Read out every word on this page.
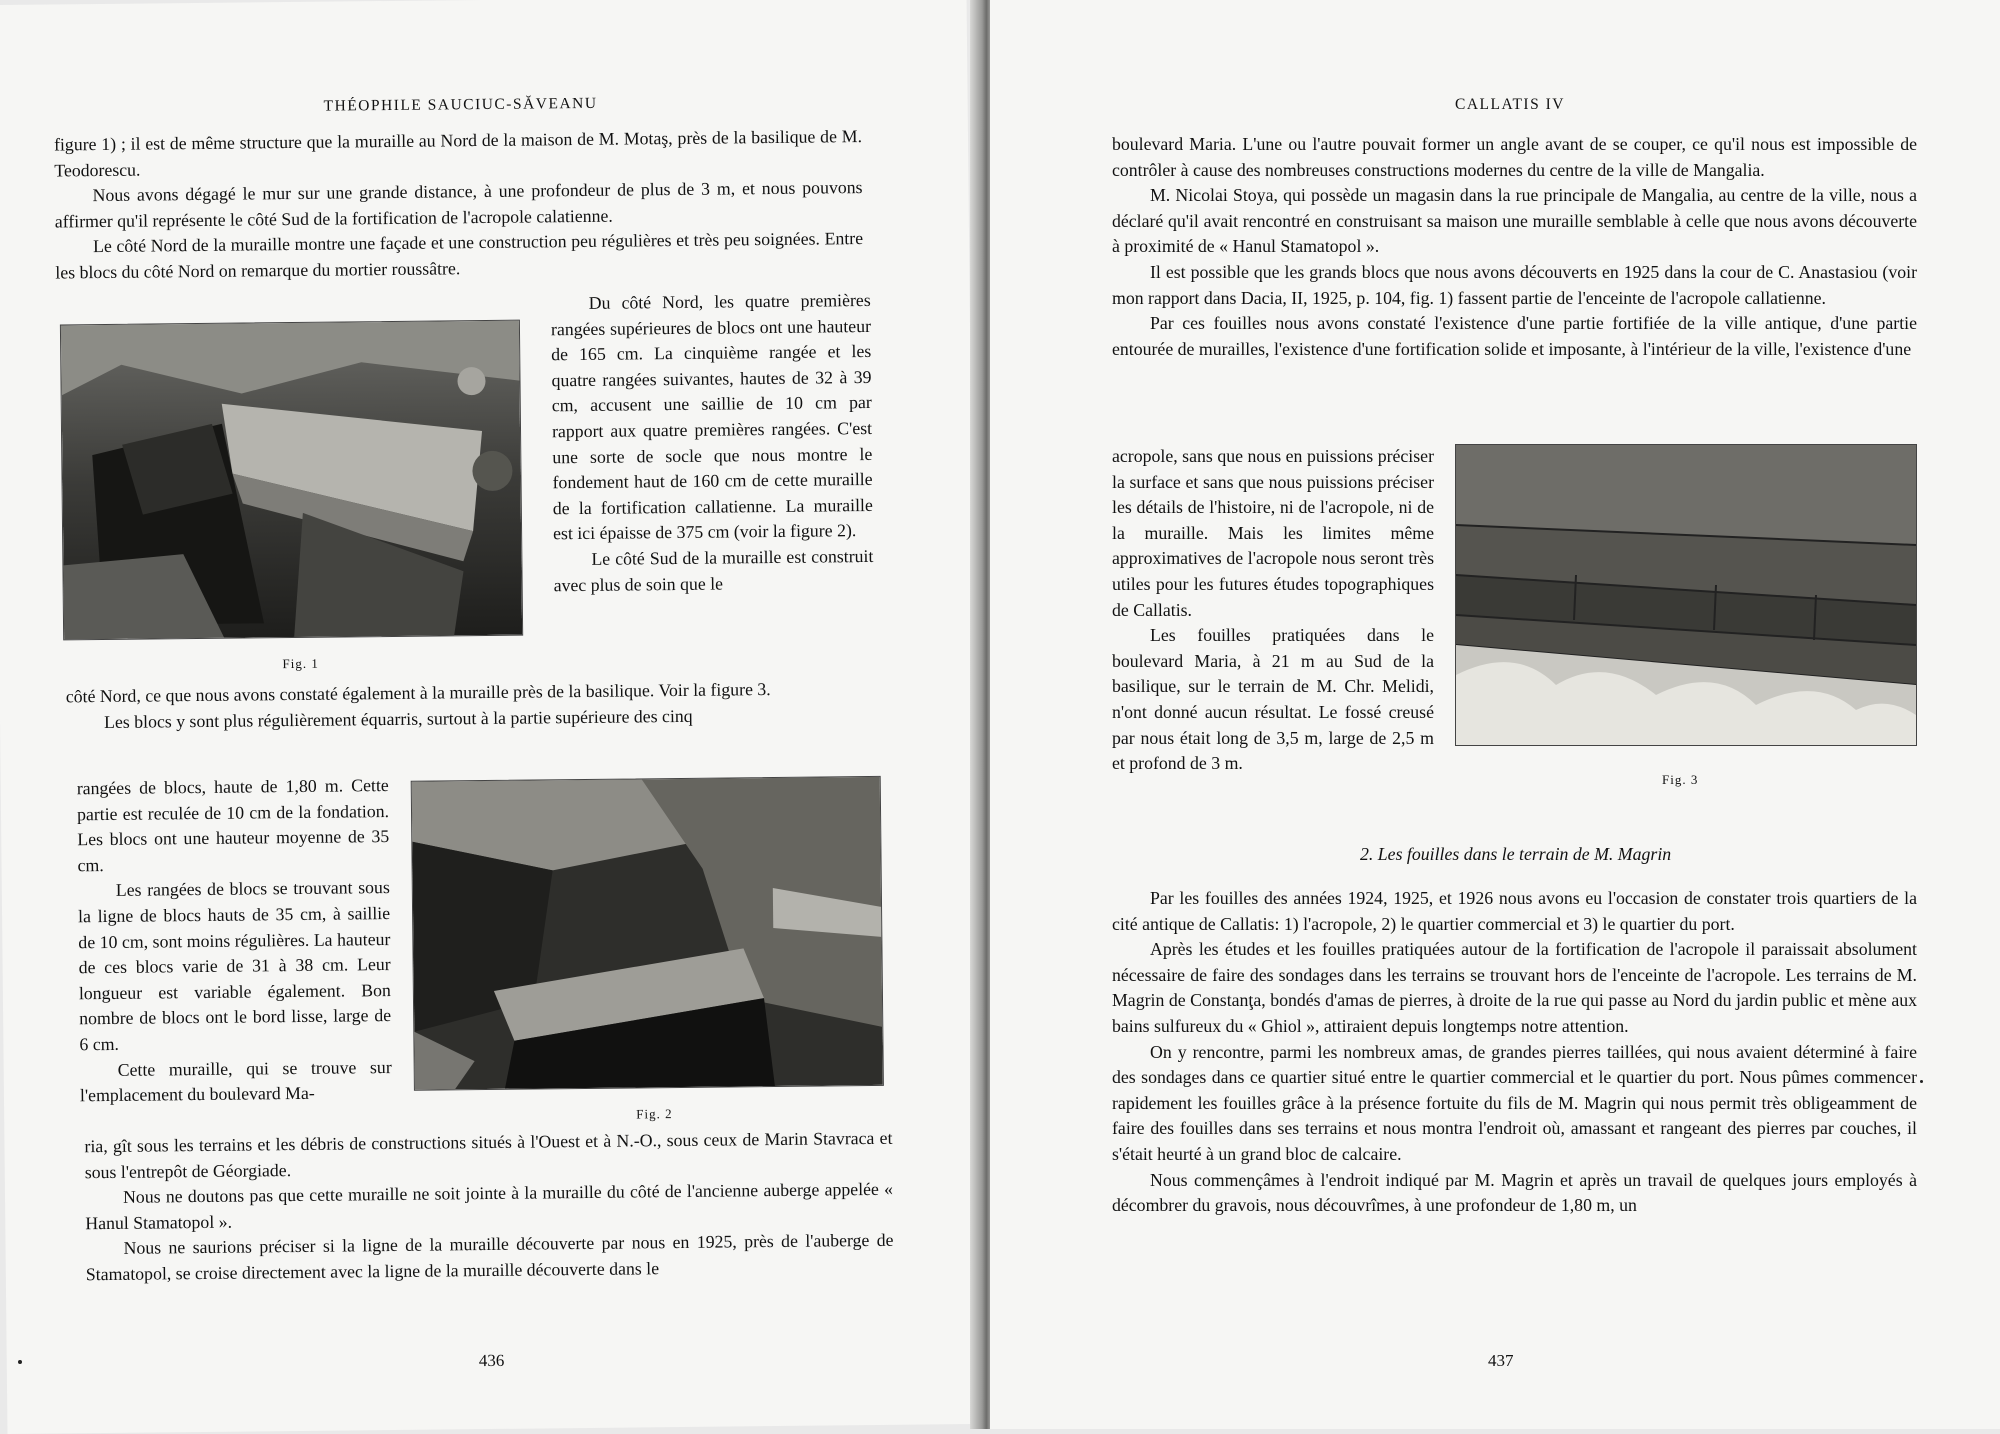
THÉOPHILE SAUCIUC-SĂVEANU

figure 1) ; il est de même structure que la muraille au Nord de la maison de M. Motaş, près de la basilique de M. Teodorescu.

Nous avons dégagé le mur sur une grande distance, à une profondeur de plus de 3 m, et nous pouvons affirmer qu'il représente le côté Sud de la fortification de l'acropole calatienne.

Le côté Nord de la muraille montre une façade et une construction peu régulières et très peu soignées. Entre les blocs du côté Nord on remarque du mortier roussâtre.

Fig. 1

Du côté Nord, les quatre premières rangées supérieures de blocs ont une hauteur de 165 cm. La cinquième rangée et les quatre rangées suivantes, hautes de 32 à 39 cm, accusent une saillie de 10 cm par rapport aux quatre premières rangées. C'est une sorte de socle que nous montre le fondement haut de 160 cm de cette muraille de la fortification callatienne. La muraille est ici épaisse de 375 cm (voir la figure 2).

Le côté Sud de la muraille est construit avec plus de soin que le

côté Nord, ce que nous avons constaté également à la muraille près de la basilique. Voir la figure 3.

Les blocs y sont plus régulièrement équarris, surtout à la partie supérieure des cinq

Fig. 2

rangées de blocs, haute de 1,80 m. Cette partie est reculée de 10 cm de la fondation. Les blocs ont une hauteur moyenne de 35 cm.

Les rangées de blocs se trouvant sous la ligne de blocs hauts de 35 cm, à saillie de 10 cm, sont moins régulières. La hauteur de ces blocs varie de 31 à 38 cm. Leur longueur est variable également. Bon nombre de blocs ont le bord lisse, large de 6 cm.

Cette muraille, qui se trouve sur l'emplacement du boulevard Ma-

ria, gît sous les terrains et les débris de constructions situés à l'Ouest et à N.-O., sous ceux de Marin Stavraca et sous l'entrepôt de Géorgiade.

Nous ne doutons pas que cette muraille ne soit jointe à la muraille du côté de l'ancienne auberge appelée « Hanul Stamatopol ».

Nous ne saurions préciser si la ligne de la muraille découverte par nous en 1925, près de l'auberge de Stamatopol, se croise directement avec la ligne de la muraille découverte dans le

436
CALLATIS IV

boulevard Maria. L'une ou l'autre pouvait former un angle avant de se couper, ce qu'il nous est impossible de contrôler à cause des nombreuses constructions modernes du centre de la ville de Mangalia.

M. Nicolai Stoya, qui possède un magasin dans la rue principale de Mangalia, au centre de la ville, nous a déclaré qu'il avait rencontré en construisant sa maison une muraille semblable à celle que nous avons découverte à proximité de « Hanul Stamatopol ».

Il est possible que les grands blocs que nous avons découverts en 1925 dans la cour de C. Anastasiou (voir mon rapport dans Dacia, II, 1925, p. 104, fig. 1) fassent partie de l'enceinte de l'acropole callatienne.

Par ces fouilles nous avons constaté l'existence d'une partie fortifiée de la ville antique, d'une partie entourée de murailles, l'existence d'une fortification solide et imposante, à l'intérieur de la ville, l'existence d'une

Fig. 3

acropole, sans que nous en puissions préciser la surface et sans que nous puissions préciser les détails de l'histoire, ni de l'acropole, ni de la muraille. Mais les limites même approximatives de l'acropole nous seront très utiles pour les futures études topographiques de Callatis.

Les fouilles pratiquées dans le boulevard Maria, à 21 m au Sud de la basilique, sur le terrain de M. Chr. Melidi, n'ont donné aucun résultat. Le fossé creusé par nous était long de 3,5 m, large de 2,5 m et profond de 3 m.

2. Les fouilles dans le terrain de M. Magrin

Par les fouilles des années 1924, 1925, et 1926 nous avons eu l'occasion de constater trois quartiers de la cité antique de Callatis: 1) l'acropole, 2) le quartier commercial et 3) le quartier du port.

Après les études et les fouilles pratiquées autour de la fortification de l'acropole il paraissait absolument nécessaire de faire des sondages dans les terrains se trouvant hors de l'enceinte de l'acropole. Les terrains de M. Magrin de Constanţa, bondés d'amas de pierres, à droite de la rue qui passe au Nord du jardin public et mène aux bains sulfureux du « Ghiol », attiraient depuis longtemps notre attention.

On y rencontre, parmi les nombreux amas, de grandes pierres taillées, qui nous avaient déterminé à faire des sondages dans ce quartier situé entre le quartier commercial et le quartier du port. Nous pûmes commencer rapidement les fouilles grâce à la présence fortuite du fils de M. Magrin qui nous permit très obligeamment de faire des fouilles dans ses terrains et nous montra l'endroit où, amassant et rangeant des pierres par couches, il s'était heurté à un grand bloc de calcaire.

Nous commençâmes à l'endroit indiqué par M. Magrin et après un travail de quelques jours employés à décombrer du gravois, nous découvrîmes, à une profondeur de 1,80 m, un

437
